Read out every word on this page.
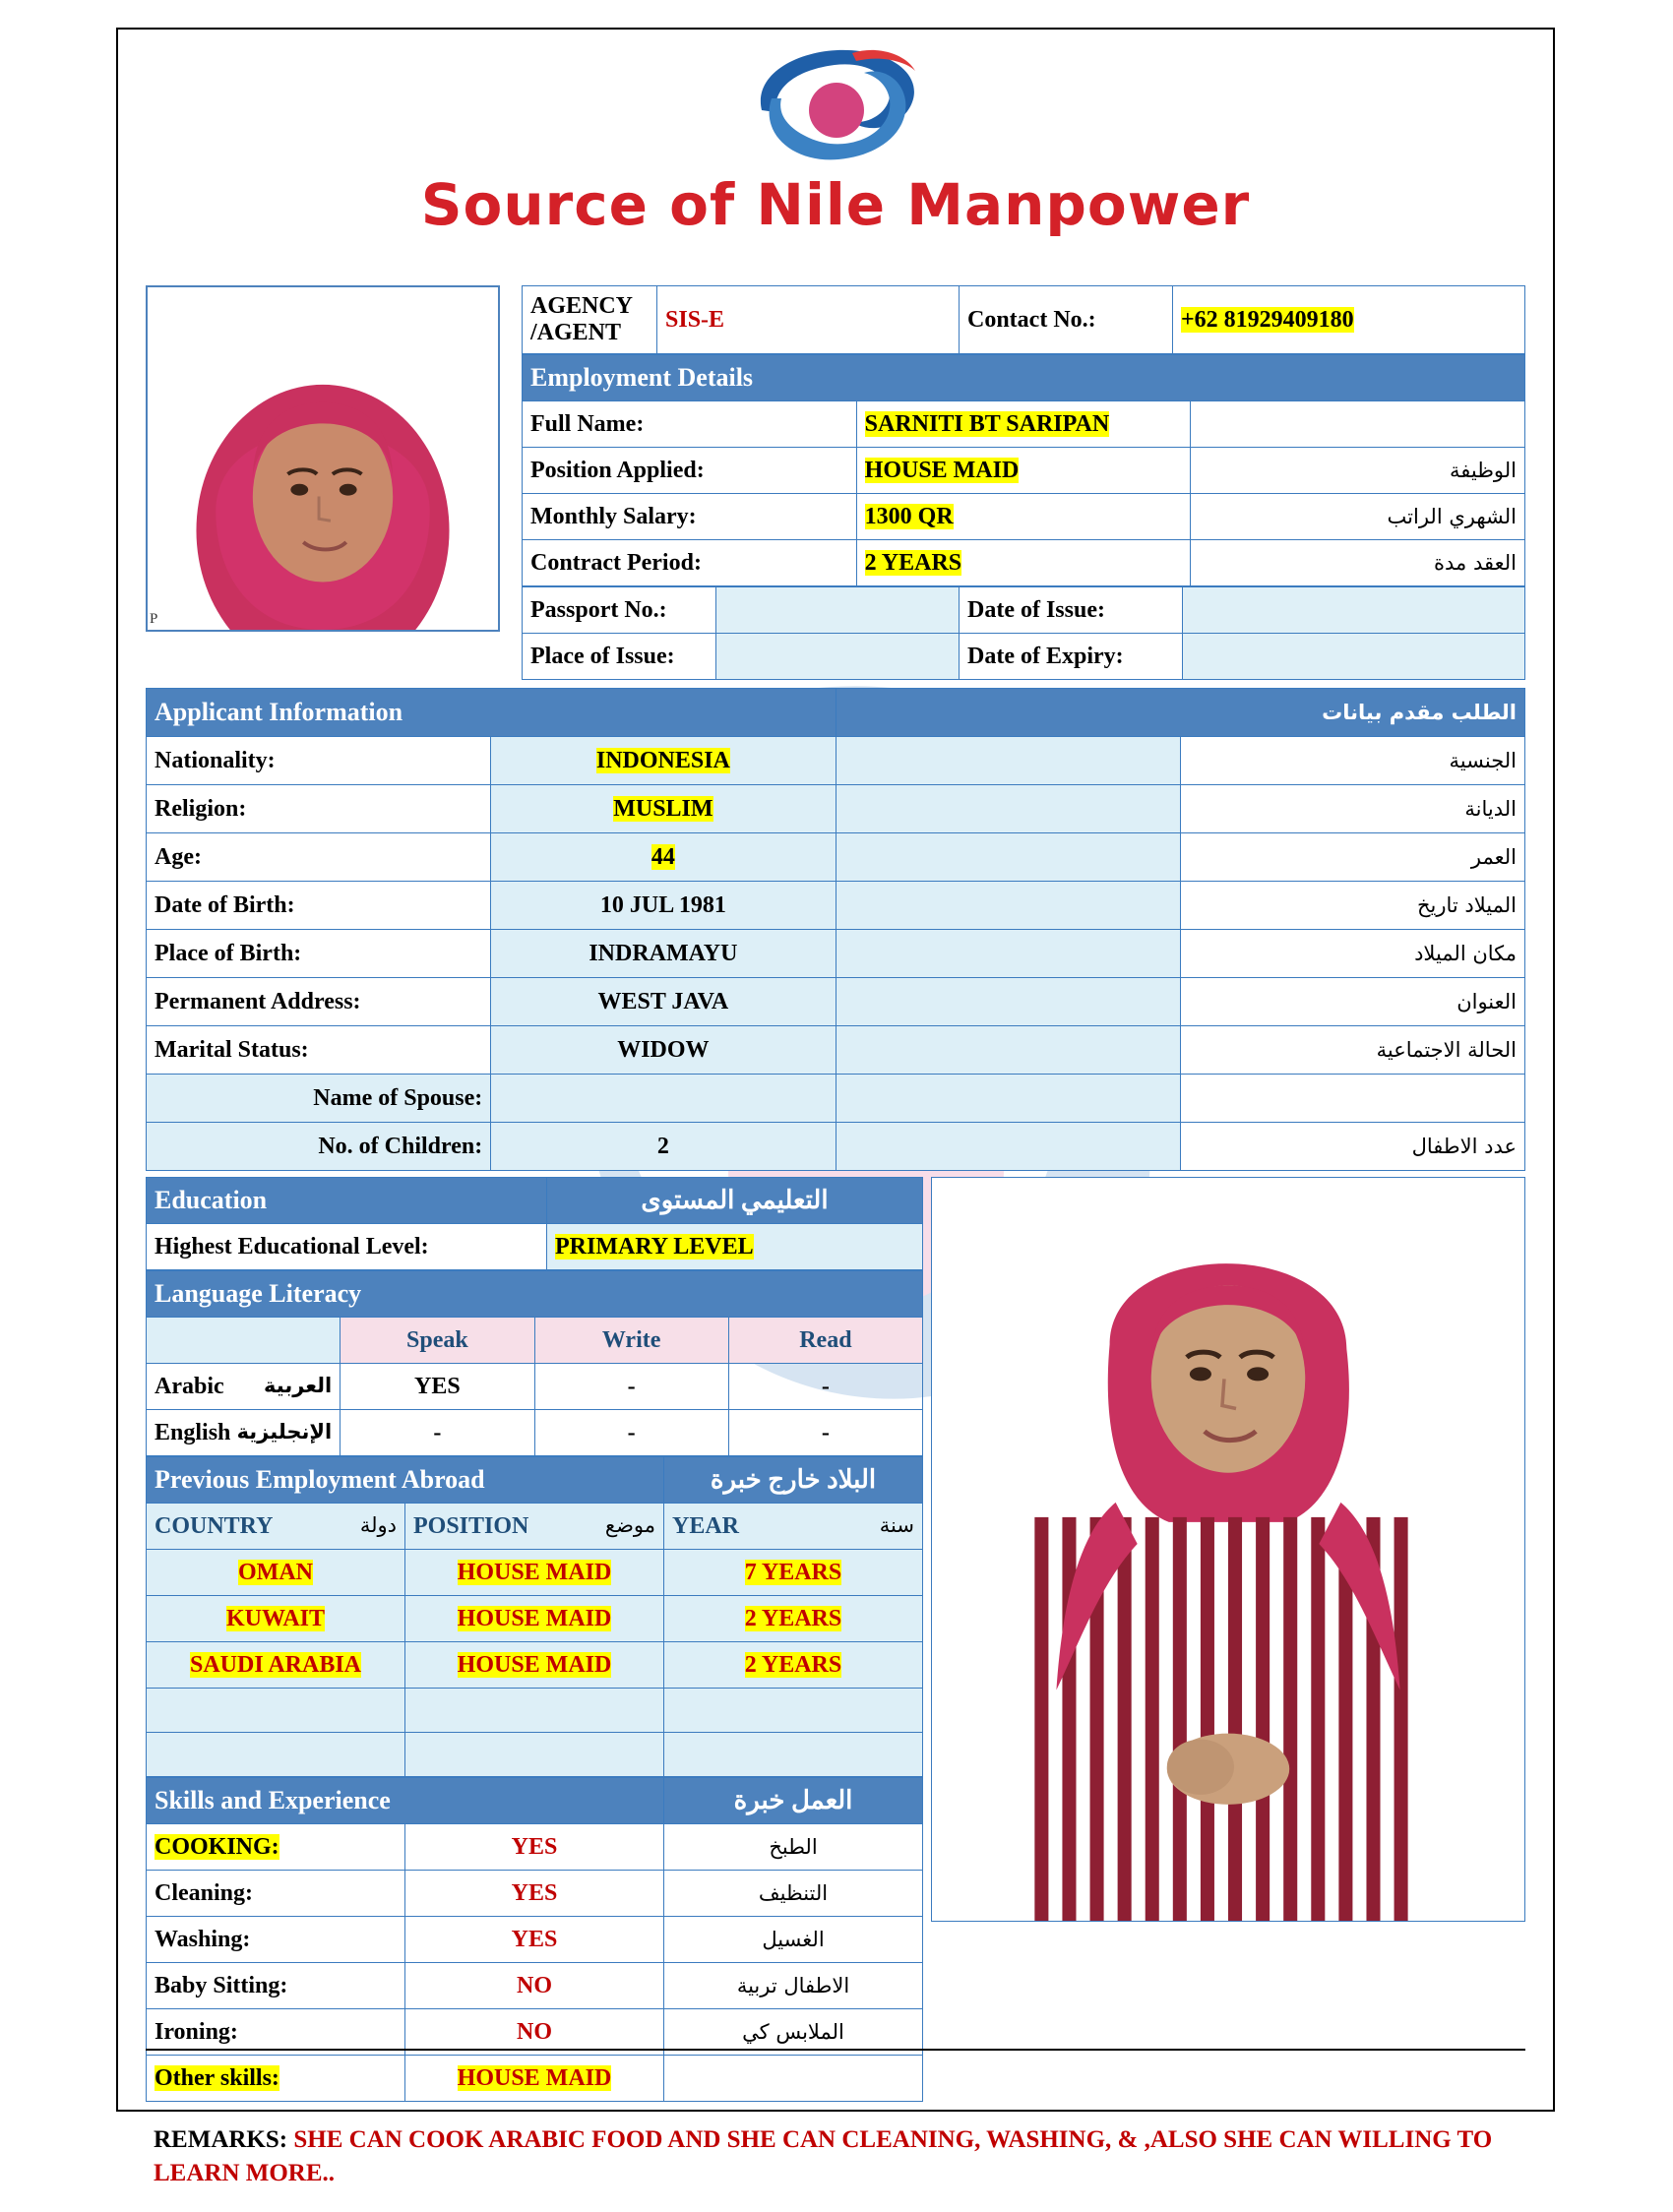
Source of Nile Manpower
P
AGENCY /AGENT	SIS-E	Contact No.:	+62 81929409180
Employment Details		
Full Name:	SARNITI BT SARIPAN	
Position Applied:	HOUSE MAID	الوظيفة
Monthly Salary:	1300 QR	الشهري الراتب
Contract Period:	2 YEARS	العقد مدة
Passport No.:		Date of Issue:	
Place of Issue:		Date of Expiry:	
Applicant Information		الطلب مقدم بيانات	
Nationality:	INDONESIA		الجنسية
Religion:	MUSLIM		الديانة
Age:	44		العمر
Date of Birth:	10 JUL 1981		الميلاد تاريخ
Place of Birth:	INDRAMAYU		مكان الميلاد
Permanent Address:	WEST JAVA		العنوان
Marital Status:	WIDOW		الحالة الاجتماعية
Name of Spouse:			
No. of Children:	2		عدد الاطفال
Education	التعليمي المستوى
Highest Educational Level:	PRIMARY LEVEL
Language Literacy			
	Speak	Write	Read
Arabic العربية	YES	-	-
English الإنجليزية	-	-	-
Previous Employment Abroad		البلاد خارج خبرة
COUNTRY دولة	POSITION موضع	YEAR سنة

OMAN	HOUSE MAID	7 YEARS
KUWAIT	HOUSE MAID	2 YEARS
SAUDI ARABIA	HOUSE MAID	2 YEARS

Skills and Experience		العمل خبرة
COOKING:	YES	الطبخ
Cleaning:	YES	التنظيف
Washing:	YES	الغسيل
Baby Sitting:	NO	الاطفال تربية
Ironing:	NO	الملابس كي
Other skills:	HOUSE MAID	
REMARKS: SHE CAN COOK ARABIC FOOD AND SHE CAN CLEANING, WASHING, & ,ALSO SHE CAN WILLING TO LEARN MORE..
